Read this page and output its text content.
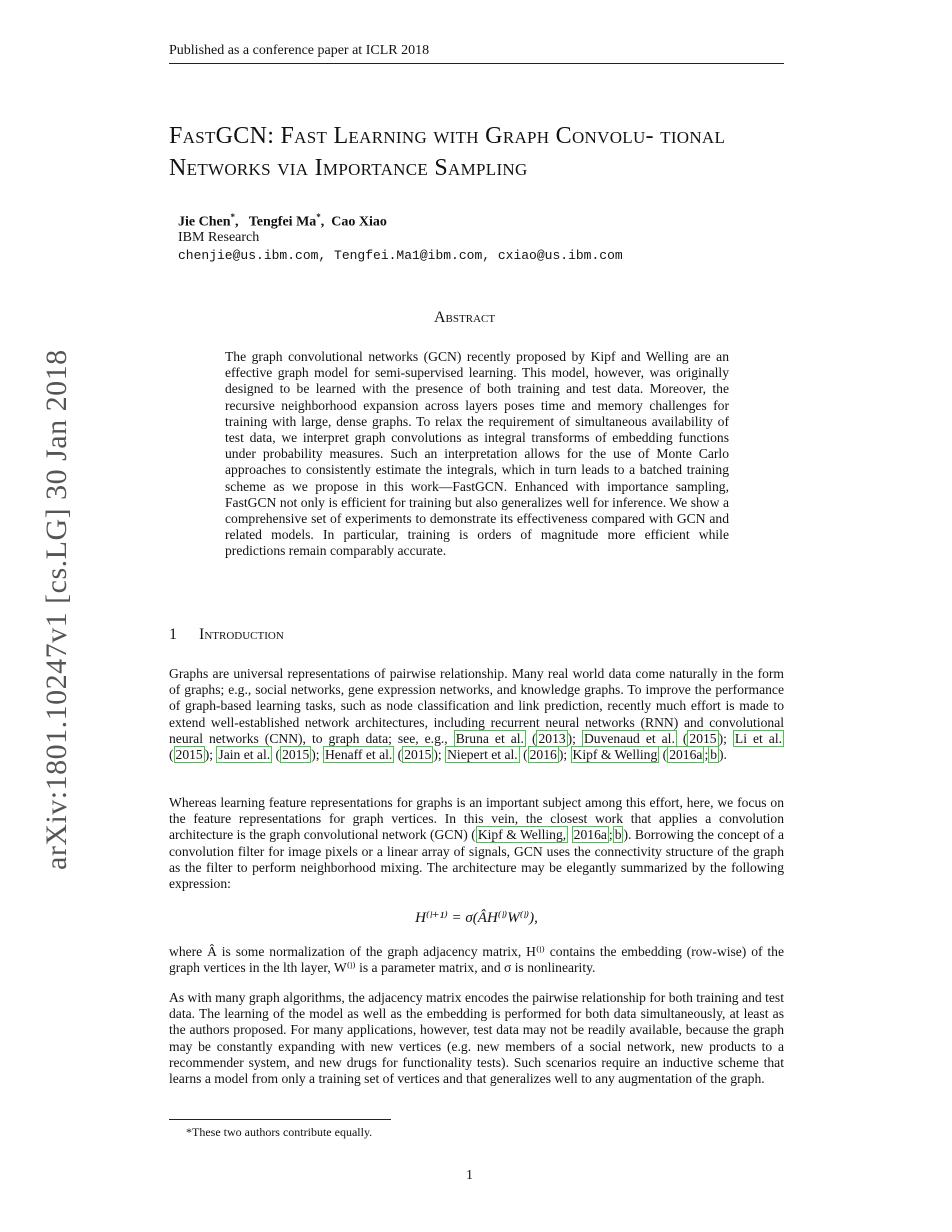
Published as a conference paper at ICLR 2018
arXiv:1801.10247v1 [cs.LG] 30 Jan 2018
FastGCN: Fast Learning with Graph Convolu- tional Networks via Importance Sampling
Jie Chen*,   Tengfei Ma*,  Cao Xiao
IBM Research
chenjie@us.ibm.com, Tengfei.Ma1@ibm.com, cxiao@us.ibm.com
Abstract
The graph convolutional networks (GCN) recently proposed by Kipf and Welling are an effective graph model for semi-supervised learning. This model, however, was originally designed to be learned with the presence of both training and test data. Moreover, the recursive neighborhood expansion across layers poses time and memory challenges for training with large, dense graphs. To relax the requirement of simultaneous availability of test data, we interpret graph convolutions as integral transforms of embedding functions under probability measures. Such an interpretation allows for the use of Monte Carlo approaches to consistently estimate the integrals, which in turn leads to a batched training scheme as we propose in this work—FastGCN. Enhanced with importance sampling, FastGCN not only is efficient for training but also generalizes well for inference. We show a comprehensive set of experiments to demonstrate its effectiveness compared with GCN and related models. In particular, training is orders of magnitude more efficient while predictions remain comparably accurate.
1 Introduction
Graphs are universal representations of pairwise relationship. Many real world data come naturally in the form of graphs; e.g., social networks, gene expression networks, and knowledge graphs. To improve the performance of graph-based learning tasks, such as node classification and link prediction, recently much effort is made to extend well-established network architectures, including recurrent neural networks (RNN) and convolutional neural networks (CNN), to graph data; see, e.g., Bruna et al. ( 2013 ); Duvenaud et al. ( 2015 ); Li et al. ( 2015 ); Jain et al. ( 2015 ); Henaff et al. ( 2015 ); Niepert et al. ( 2016 ); Kipf & Welling ( 2016a ; b ).
Whereas learning feature representations for graphs is an important subject among this effort, here, we focus on the feature representations for graph vertices. In this vein, the closest work that applies a convolution architecture is the graph convolutional network (GCN) ( Kipf & Welling, 2016a ; b ). Borrowing the concept of a convolution filter for image pixels or a linear array of signals, GCN uses the connectivity structure of the graph as the filter to perform neighborhood mixing. The architecture may be elegantly summarized by the following expression:
H⁽ˡ⁺¹⁾ = σ(ÂH⁽ˡ⁾W⁽ˡ⁾),
where Â is some normalization of the graph adjacency matrix, H⁽ˡ⁾ contains the embedding (row-wise) of the graph vertices in the lth layer, W⁽ˡ⁾ is a parameter matrix, and σ is nonlinearity.
As with many graph algorithms, the adjacency matrix encodes the pairwise relationship for both training and test data. The learning of the model as well as the embedding is performed for both data simultaneously, at least as the authors proposed. For many applications, however, test data may not be readily available, because the graph may be constantly expanding with new vertices (e.g. new members of a social network, new products to a recommender system, and new drugs for functionality tests). Such scenarios require an inductive scheme that learns a model from only a training set of vertices and that generalizes well to any augmentation of the graph.
*These two authors contribute equally.
1
